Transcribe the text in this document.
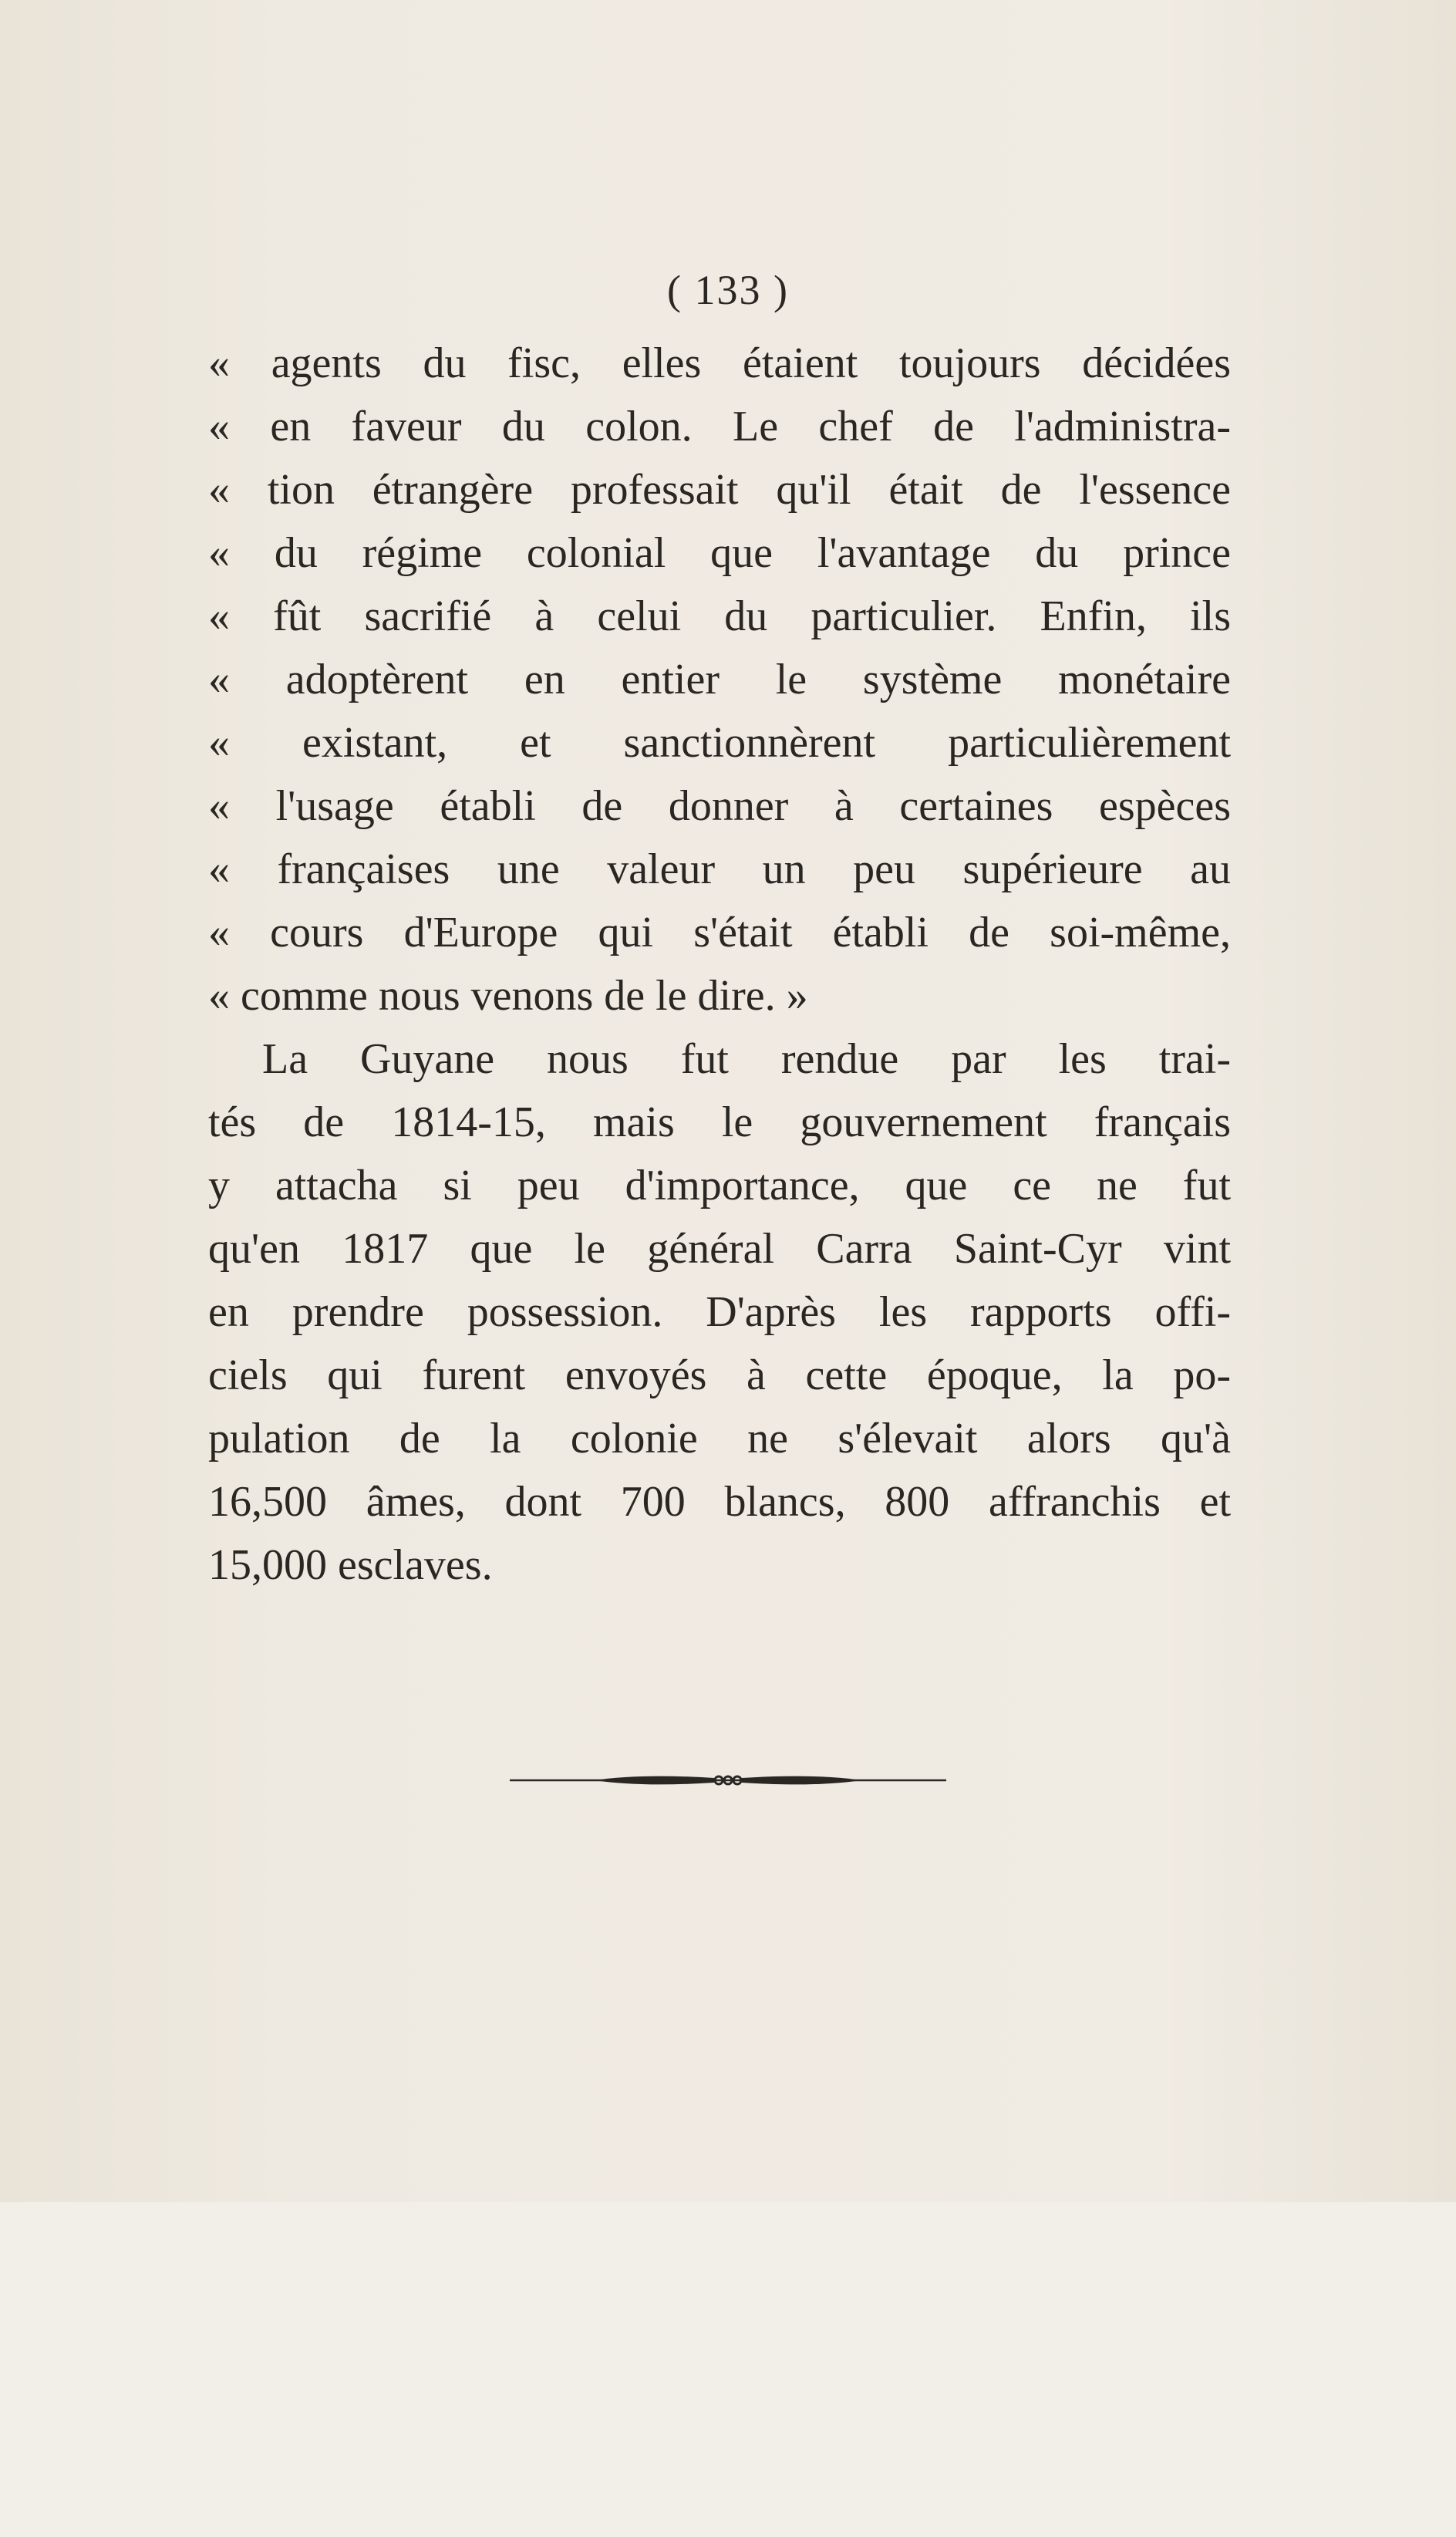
( 133 )
« agents du fisc, elles étaient toujours décidées
« en faveur du colon. Le chef de l'administra-
« tion étrangère professait qu'il était de l'essence
« du régime colonial que l'avantage du prince
« fût sacrifié à celui du particulier. Enfin, ils
« adoptèrent en entier le système monétaire
« existant, et sanctionnèrent particulièrement
« l'usage établi de donner à certaines espèces
« françaises une valeur un peu supérieure au
« cours d'Europe qui s'était établi de soi-même,
« comme nous venons de le dire. »
La Guyane nous fut rendue par les trai-
tés de 1814-15, mais le gouvernement français
y attacha si peu d'importance, que ce ne fut
qu'en 1817 que le général Carra Saint-Cyr vint
en prendre possession. D'après les rapports offi-
ciels qui furent envoyés à cette époque, la po-
pulation de la colonie ne s'élevait alors qu'à
16,500 âmes, dont 700 blancs, 800 affranchis et
15,000 esclaves.
